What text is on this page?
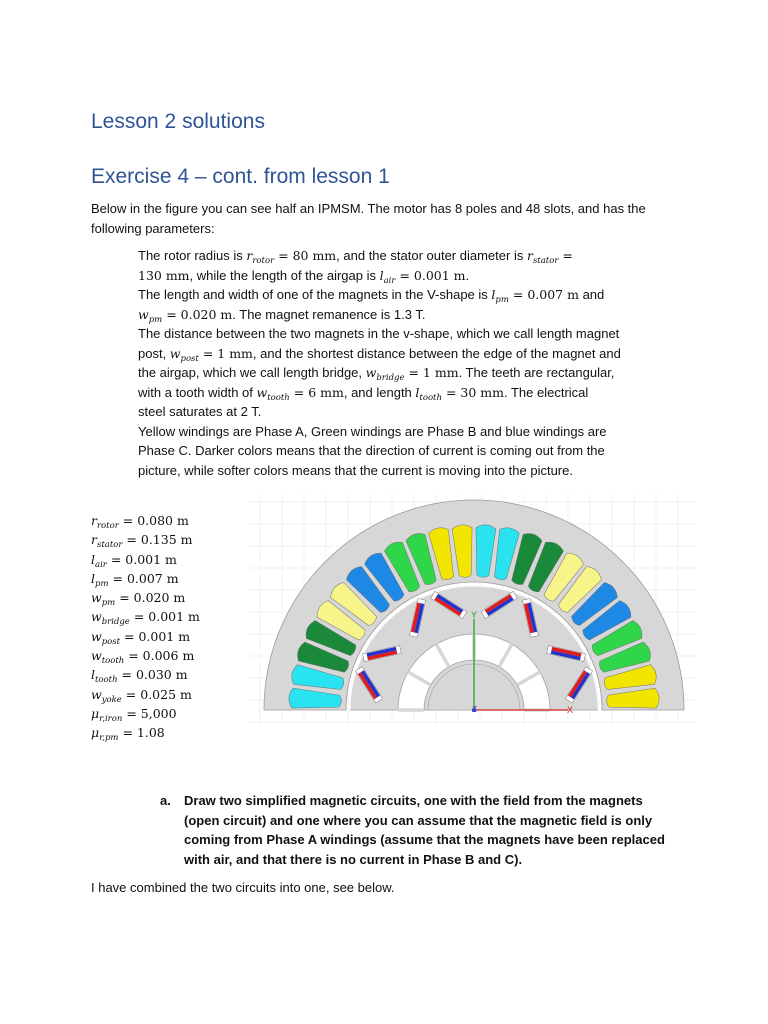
Lesson 2 solutions
Exercise 4 – cont. from lesson 1

Below in the figure you can see half an IPMSM. The motor has 8 poles and 48 slots, and has the following parameters:

The rotor radius is $r_{rotor} = 80$ mm, and the stator outer diameter is $r_{stator}$ =
130 mm, while the length of the airgap is $l_{air} = 0.001$ m.
The length and width of one of the magnets in the V-shape is $l_{pm} = 0.007$ m and
$w_{pm} = 0.020$ m. The magnet remanence is 1.3 T.
The distance between the two magnets in the v-shape, which we call length magnet
post, $w_{post} = 1$ mm, and the shortest distance between the edge of the magnet and
the airgap, which we call length bridge, $w_{bridge} = 1$ mm. The teeth are rectangular,
with a tooth width of $w_{tooth} = 6$ mm, and length $l_{tooth} = 30$ mm. The electrical
steel saturates at 2 T.
Yellow windings are Phase A, Green windings are Phase B and blue windings are
Phase C. Darker colors means that the direction of current is coming out from the
picture, while softer colors means that the current is moving into the picture.
$r_{rotor} = 0.080$ m
$r_{stator} = 0.135$ m
$l_{air} = 0.001$ m
$l_{pm} = 0.007$ m
$w_{pm} = 0.020$ m
$w_{bridge} = 0.001$ m
$w_{post} = 0.001$ m
$w_{tooth} = 0.006$ m
$l_{tooth} = 0.030$ m
$w_{yoke} = 0.025$ m
$\mu_{r,iron} = 5,000$
$\mu_{r,pm} = 1.08$
Y
X
Z
a. Draw two simplified magnetic circuits, one with the field from the magnets (open circuit) and one where you can assume that the magnetic field is only coming from Phase A windings (assume that the magnets have been replaced with air, and that there is no current in Phase B and C).

I have combined the two circuits into one, see below.
